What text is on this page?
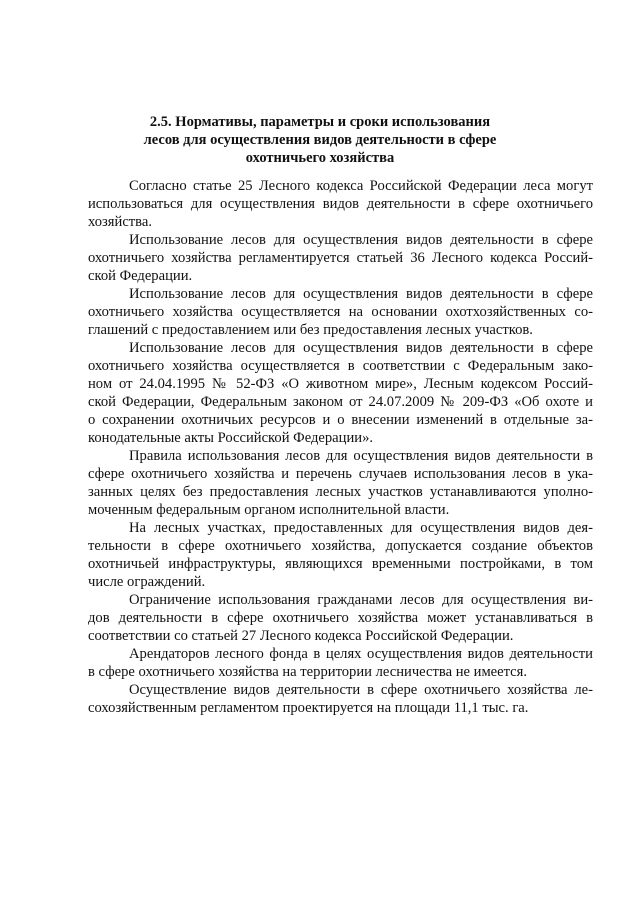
2.5. Нормативы, параметры и сроки использования
лесов для осуществления видов деятельности в сфере
охотничьего хозяйства
Согласно статье 25 Лесного кодекса Российской Федерации леса могут
использоваться для осуществления видов деятельности в сфере охотничьего
хозяйства.
Использование лесов для осуществления видов деятельности в сфере
охотничьего хозяйства регламентируется статьей 36 Лесного кодекса Россий-
ской Федерации.
Использование лесов для осуществления видов деятельности в сфере
охотничьего хозяйства осуществляется на основании охотхозяйственных со-
глашений с предоставлением или без предоставления лесных участков.
Использование лесов для осуществления видов деятельности в сфере
охотничьего хозяйства осуществляется в соответствии с Федеральным зако-
ном от 24.04.1995 № 52-ФЗ «О животном мире», Лесным кодексом Россий-
ской Федерации, Федеральным законом от 24.07.2009 № 209-ФЗ «Об охоте и
о сохранении охотничьих ресурсов и о внесении изменений в отдельные за-
конодательные акты Российской Федерации».
Правила использования лесов для осуществления видов деятельности в
сфере охотничьего хозяйства и перечень случаев использования лесов в ука-
занных целях без предоставления лесных участков устанавливаются уполно-
моченным федеральным органом исполнительной власти.
На лесных участках, предоставленных для осуществления видов дея-
тельности в сфере охотничьего хозяйства, допускается создание объектов
охотничьей инфраструктуры, являющихся временными постройками, в том
числе ограждений.
Ограничение использования гражданами лесов для осуществления ви-
дов деятельности в сфере охотничьего хозяйства может устанавливаться в
соответствии со статьей 27 Лесного кодекса Российской Федерации.
Арендаторов лесного фонда в целях осуществления видов деятельности
в сфере охотничьего хозяйства на территории лесничества не имеется.
Осуществление видов деятельности в сфере охотничьего хозяйства ле-
сохозяйственным регламентом проектируется на площади 11,1 тыс. га.
